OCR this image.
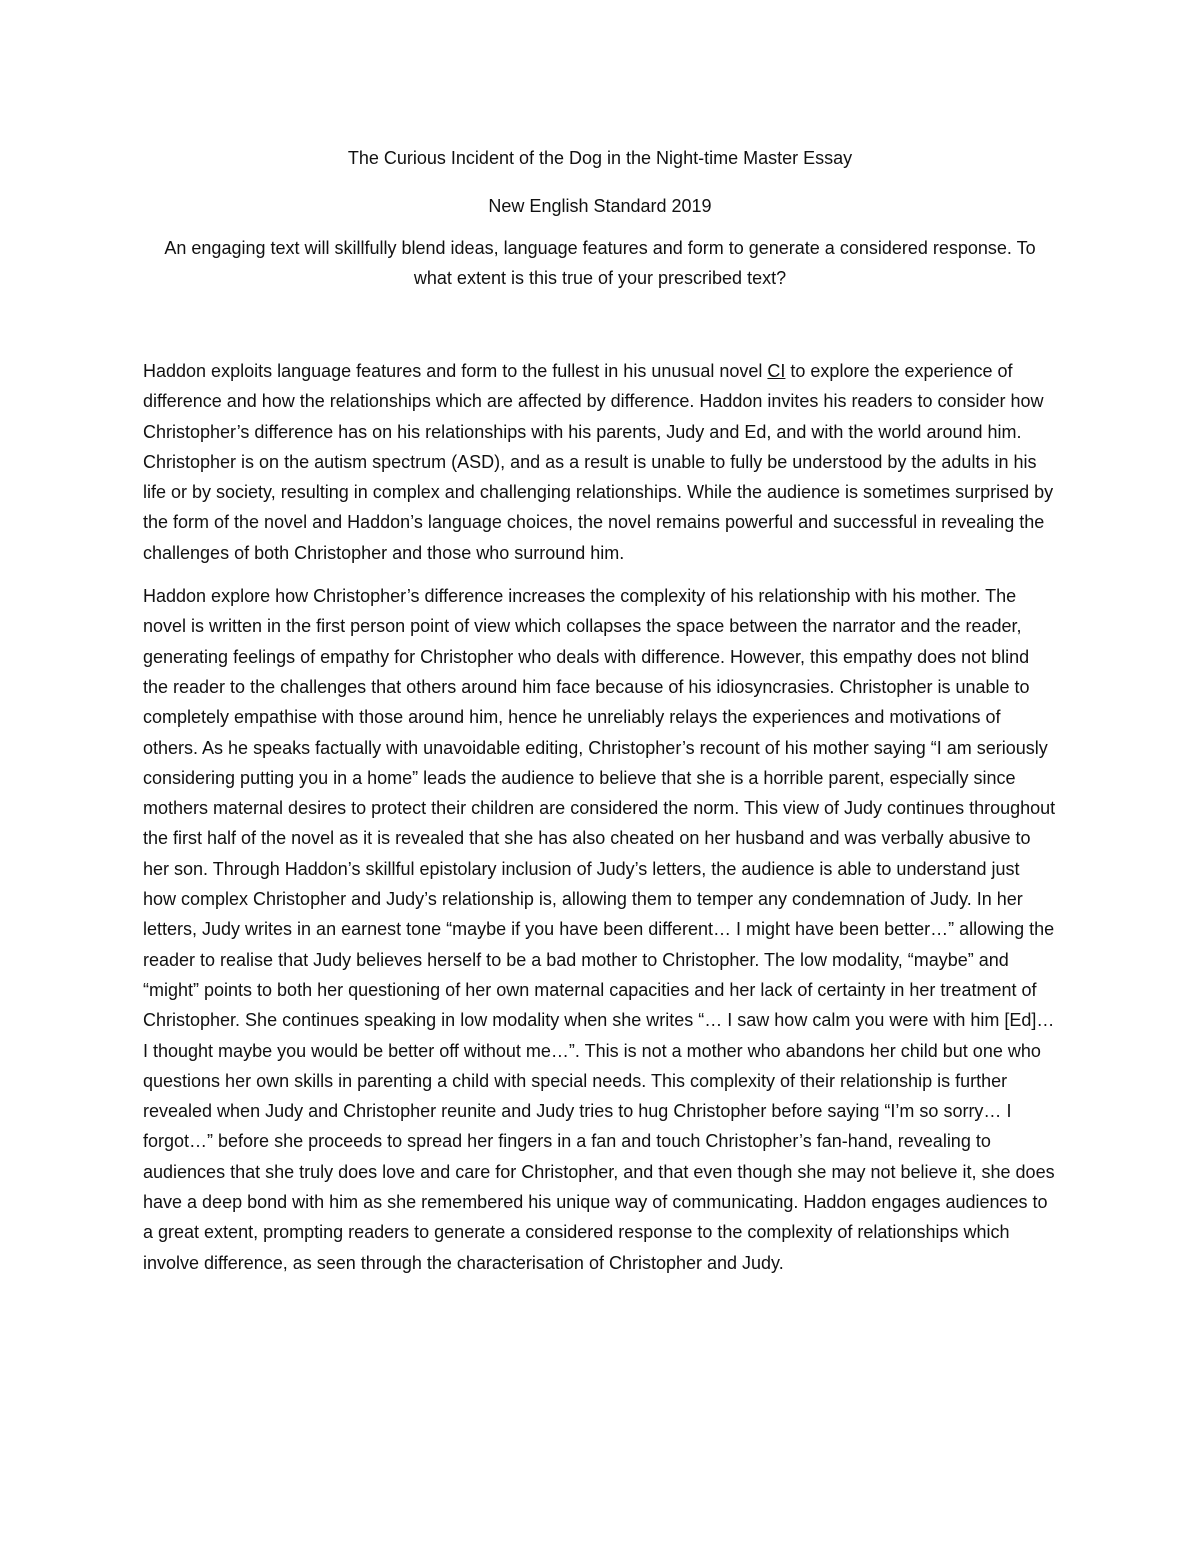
The Curious Incident of the Dog in the Night-time Master Essay

New English Standard 2019

An engaging text will skillfully blend ideas, language features and form to generate a considered response. To what extent is this true of your prescribed text?

Haddon exploits language features and form to the fullest in his unusual novel CI to explore the experience of difference and how the relationships which are affected by difference. Haddon invites his readers to consider how Christopher’s difference has on his relationships with his parents, Judy and Ed, and with the world around him. Christopher is on the autism spectrum (ASD), and as a result is unable to fully be understood by the adults in his life or by society, resulting in complex and challenging relationships. While the audience is sometimes surprised by the form of the novel and Haddon’s language choices, the novel remains powerful and successful in revealing the challenges of both Christopher and those who surround him.

Haddon explore how Christopher’s difference increases the complexity of his relationship with his mother. The novel is written in the first person point of view which collapses the space between the narrator and the reader, generating feelings of empathy for Christopher who deals with difference. However, this empathy does not blind the reader to the challenges that others around him face because of his idiosyncrasies. Christopher is unable to completely empathise with those around him, hence he unreliably relays the experiences and motivations of others. As he speaks factually with unavoidable editing, Christopher’s recount of his mother saying “I am seriously considering putting you in a home” leads the audience to believe that she is a horrible parent, especially since mothers maternal desires to protect their children are considered the norm. This view of Judy continues throughout the first half of the novel as it is revealed that she has also cheated on her husband and was verbally abusive to her son. Through Haddon’s skillful epistolary inclusion of Judy’s letters, the audience is able to understand just how complex Christopher and Judy’s relationship is, allowing them to temper any condemnation of Judy. In her letters, Judy writes in an earnest tone “maybe if you have been different… I might have been better…” allowing the reader to realise that Judy believes herself to be a bad mother to Christopher. The low modality, “maybe” and “might” points to both her questioning of her own maternal capacities and her lack of certainty in her treatment of Christopher. She continues speaking in low modality when she writes “… I saw how calm you were with him [Ed]… I thought maybe you would be better off without me…”. This is not a mother who abandons her child but one who questions her own skills in parenting a child with special needs. This complexity of their relationship is further revealed when Judy and Christopher reunite and Judy tries to hug Christopher before saying “I’m so sorry… I forgot…” before she proceeds to spread her fingers in a fan and touch Christopher’s fan-hand, revealing to audiences that she truly does love and care for Christopher, and that even though she may not believe it, she does have a deep bond with him as she remembered his unique way of communicating. Haddon engages audiences to a great extent, prompting readers to generate a considered response to the complexity of relationships which involve difference, as seen through the characterisation of Christopher and Judy.
